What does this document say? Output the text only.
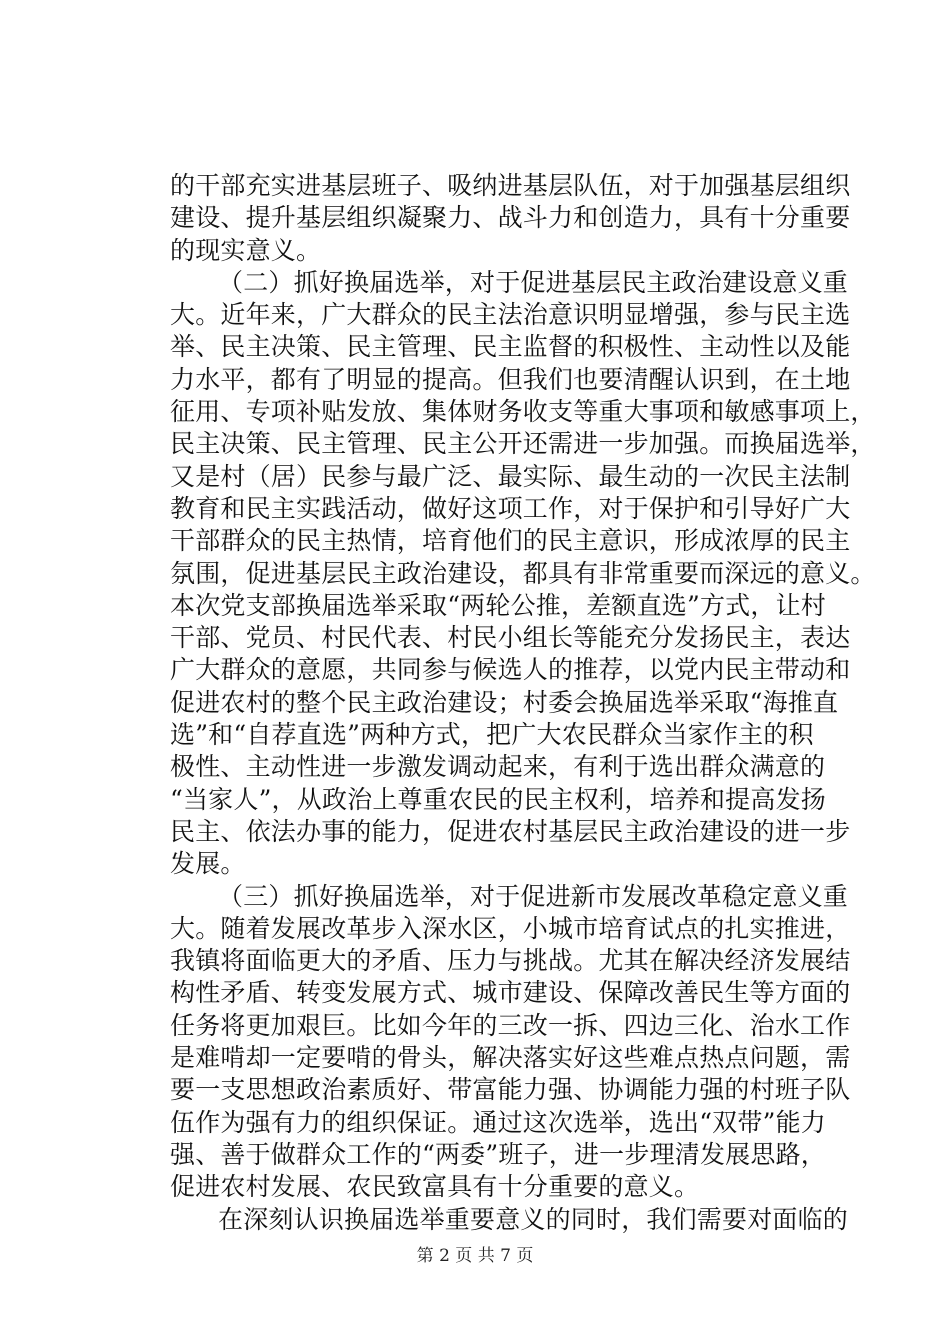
的干部充实进基层班子、吸纳进基层队伍，对于加强基层组织
建设、提升基层组织凝聚力、战斗力和创造力，具有十分重要
的现实意义。
（二）抓好换届选举，对于促进基层民主政治建设意义重
大。近年来，广大群众的民主法治意识明显增强，参与民主选
举、民主决策、民主管理、民主监督的积极性、主动性以及能
力水平，都有了明显的提高。但我们也要清醒认识到，在土地
征用、专项补贴发放、集体财务收支等重大事项和敏感事项上，
民主决策、民主管理、民主公开还需进一步加强。而换届选举，
又是村（居）民参与最广泛、最实际、最生动的一次民主法制
教育和民主实践活动，做好这项工作，对于保护和引导好广大
干部群众的民主热情，培育他们的民主意识，形成浓厚的民主
氛围，促进基层民主政治建设，都具有非常重要而深远的意义。
本次党支部换届选举采取“两轮公推，差额直选”方式，让村
干部、党员、村民代表、村民小组长等能充分发扬民主，表达
广大群众的意愿，共同参与候选人的推荐，以党内民主带动和
促进农村的整个民主政治建设；村委会换届选举采取“海推直
选”和“自荐直选”两种方式，把广大农民群众当家作主的积
极性、主动性进一步激发调动起来，有利于选出群众满意的
“当家人”，从政治上尊重农民的民主权利，培养和提高发扬
民主、依法办事的能力，促进农村基层民主政治建设的进一步
发展。
（三）抓好换届选举，对于促进新市发展改革稳定意义重
大。随着发展改革步入深水区，小城市培育试点的扎实推进，
我镇将面临更大的矛盾、压力与挑战。尤其在解决经济发展结
构性矛盾、转变发展方式、城市建设、保障改善民生等方面的
任务将更加艰巨。比如今年的三改一拆、四边三化、治水工作
是难啃却一定要啃的骨头，解决落实好这些难点热点问题，需
要一支思想政治素质好、带富能力强、协调能力强的村班子队
伍作为强有力的组织保证。通过这次选举，选出“双带”能力
强、善于做群众工作的“两委”班子，进一步理清发展思路，
促进农村发展、农民致富具有十分重要的意义。
在深刻认识换届选举重要意义的同时，我们需要对面临的
第 2 页 共 7 页
